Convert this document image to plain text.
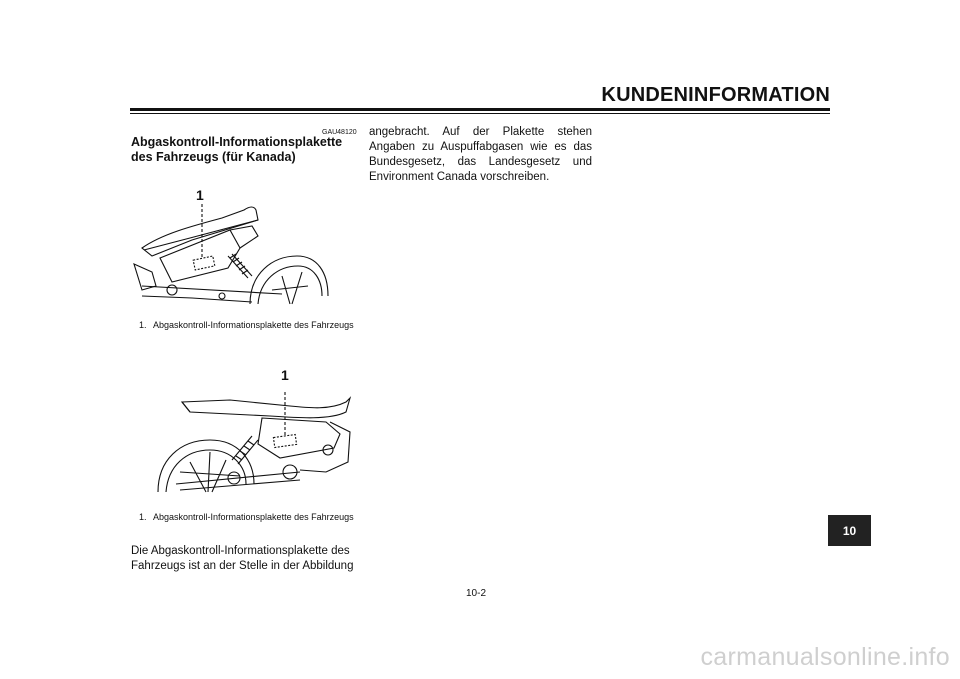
KUNDENINFORMATION
GAU48120
Abgaskontroll-Informationsplakette des Fahrzeugs (für Kanada)
1
1. Abgaskontroll-Informationsplakette des Fahrzeugs
1
1. Abgaskontroll-Informationsplakette des Fahrzeugs
Die Abgaskontroll-Informationsplakette des Fahrzeugs ist an der Stelle in der Abbildung
angebracht. Auf der Plakette stehen Angaben zu Auspuffabgasen wie es das Bundesgesetz, das Landesgesetz und Environment Canada vorschreiben.
10-2
10
carmanualsonline.info
